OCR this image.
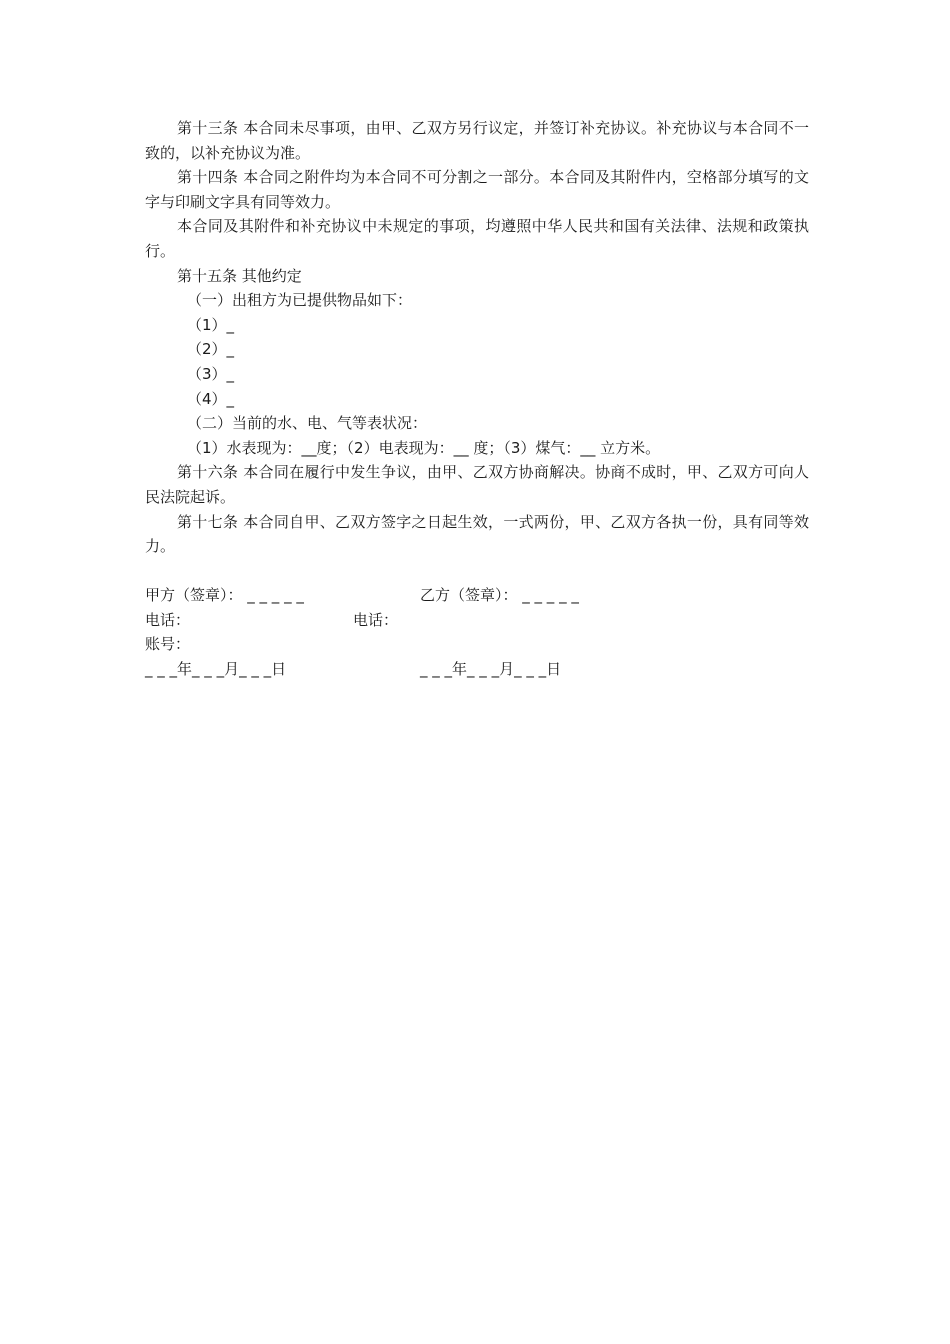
第十三条 本合同未尽事项，由甲、乙双方另行议定，并签订补充协议。补充协议与本合同不一致的，以补充协议为准。

第十四条 本合同之附件均为本合同不可分割之一部分。本合同及其附件内，空格部分填写的文字与印刷文字具有同等效力。

本合同及其附件和补充协议中未规定的事项，均遵照中华人民共和国有关法律、法规和政策执行。

第十五条 其他约定

（一）出租方为已提供物品如下：

（1）_

（2）_

（3）_

（4）_

（二）当前的水、电、气等表状况：

（1）水表现为：__度；（2）电表现为：__ 度；（3）煤气：__ 立方米。

第十六条 本合同在履行中发生争议，由甲、乙双方协商解决。协商不成时，甲、乙双方可向人民法院起诉。

第十七条 本合同自甲、乙双方签字之日起生效，一式两份，甲、乙双方各执一份，具有同等效力。

甲方（签章）： _ _ _ _ _	乙方（签章）： _ _ _ _ _
电话：	电话：
账号：
_ _ _年_ _ _月_ _ _日	_ _ _年_ _ _月_ _ _日
